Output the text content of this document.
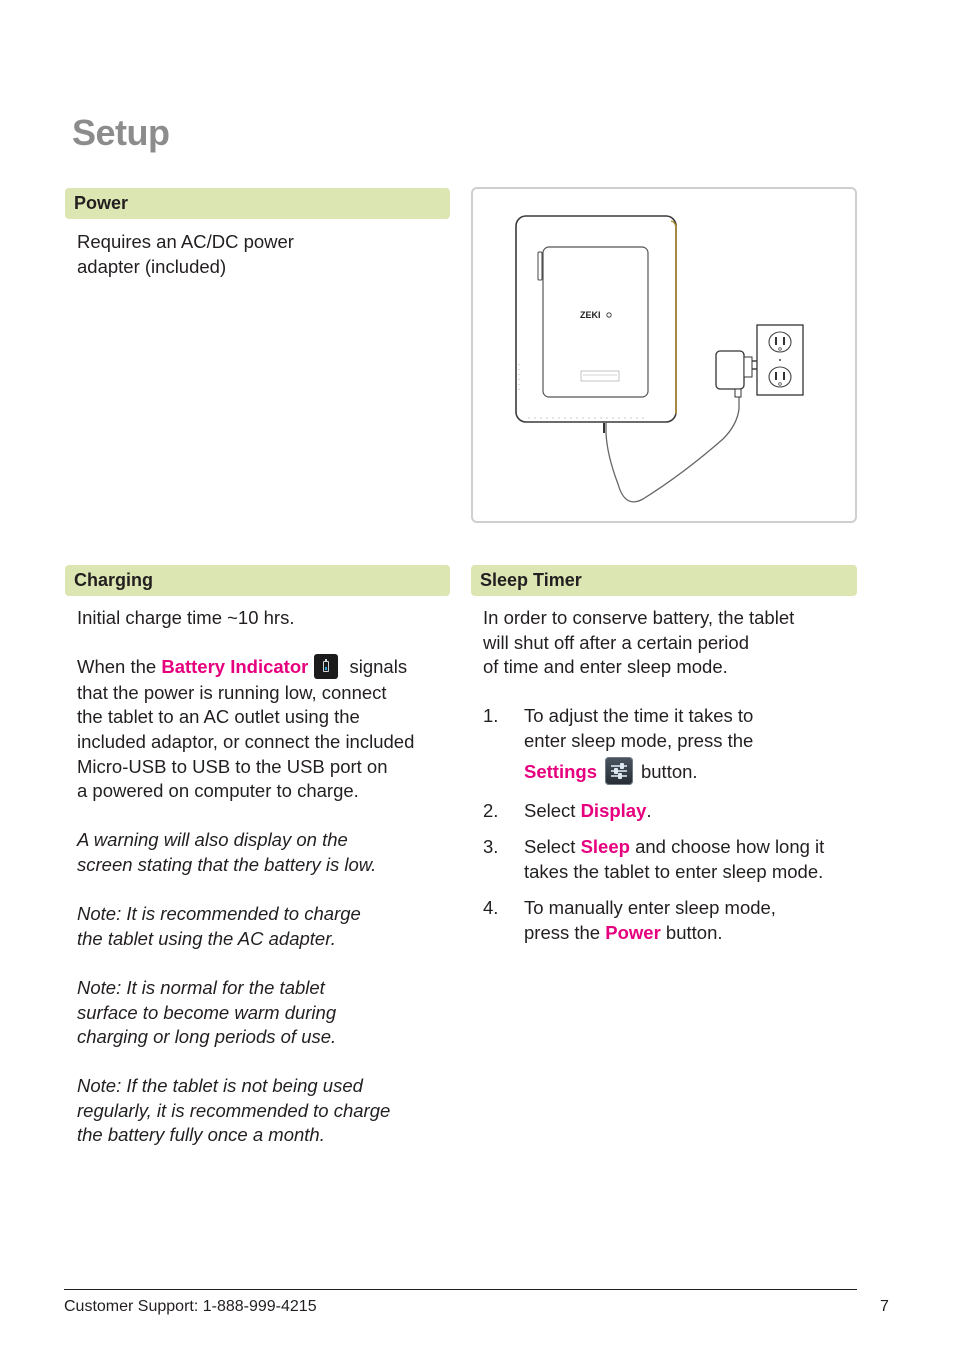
Setup
Power

Requires an AC/DC power

adapter (included)

ZEKI
Charging

Initial charge time ~10 hrs.

When the Battery Indicator signals

that the power is running low, connect

the tablet to an AC outlet using the

included adaptor, or connect the included

Micro-USB to USB to the USB port on

a powered on computer to charge.

A warning will also display on the

screen stating that the battery is low.

Note: It is recommended to charge

the tablet using the AC adapter.

Note: It is normal for the tablet

surface to become warm during

charging or long periods of use.

Note: If the tablet is not being used

regularly, it is recommended to charge

the battery fully once a month.

Sleep Timer

In order to conserve battery, the tablet

will shut off after a certain period

of time and enter sleep mode.

1. To adjust the time it takes to
enter sleep mode, press the
Settings button.
2. Select Display.
3. Select Sleep and choose how long it
takes the tablet to enter sleep mode.
4. To manually enter sleep mode,
press the Power button.
Customer Support: 1-888-999-4215	7
